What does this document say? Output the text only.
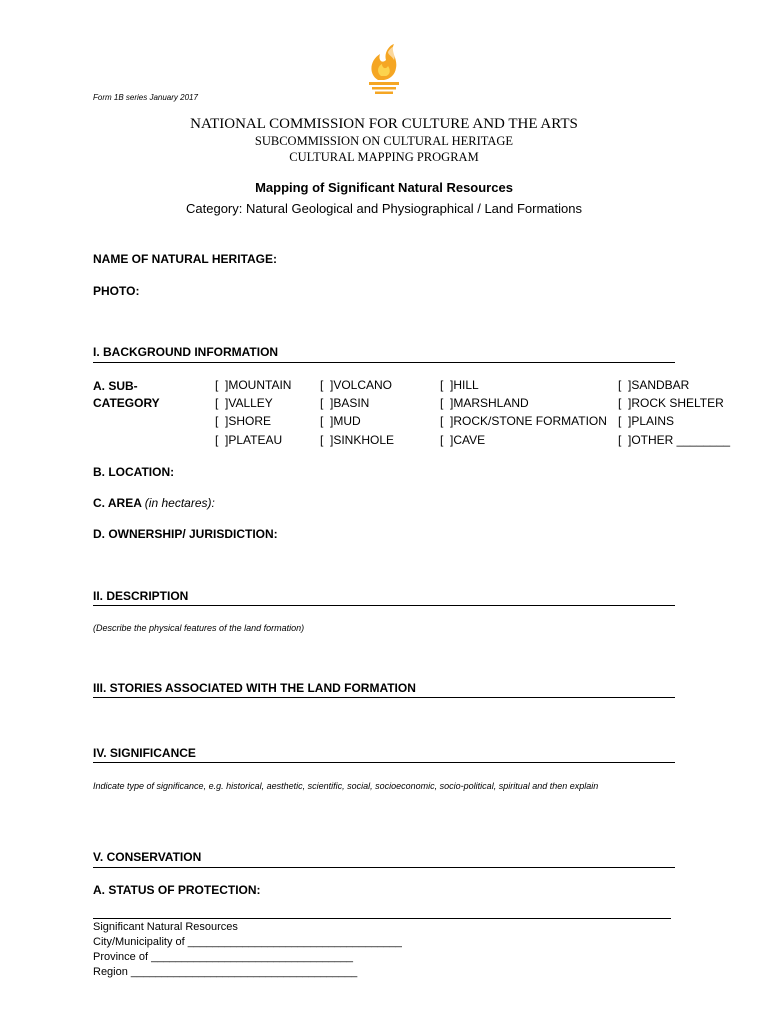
Form 1B series January 2017
NATIONAL COMMISSION FOR CULTURE AND THE ARTS
SUBCOMMISSION ON CULTURAL HERITAGE
CULTURAL MAPPING PROGRAM
Mapping of Significant Natural Resources
Category: Natural Geological and Physiographical / Land Formations
NAME OF NATURAL HERITAGE:
PHOTO:
I. BACKGROUND INFORMATION
A. SUB-
CATEGORY
[  ]MOUNTAIN [  ]VOLCANO	[  ]HILL	[  ]SANDBAR
[  ]VALLEY	[  ]BASIN	[  ]MARSHLAND	[  ]ROCK SHELTER
[  ]SHORE	[  ]MUD	[  ]ROCK/STONE FORMATION [  ]PLAINS
[  ]PLATEAU	[  ]SINKHOLE	[  ]CAVE	[  ]OTHER ________
B. LOCATION:
C. AREA (in hectares):
D. OWNERSHIP/ JURISDICTION:
II. DESCRIPTION
(Describe the physical features of the land formation)
III. STORIES ASSOCIATED WITH THE LAND FORMATION
IV. SIGNIFICANCE
Indicate type of significance, e.g. historical, aesthetic, scientific, social, socioeconomic, socio-political, spiritual and then explain
V. CONSERVATION
A. STATUS OF PROTECTION:
Significant Natural Resources
City/Municipality of ___________________________________
Province of _________________________________
Region _____________________________________
